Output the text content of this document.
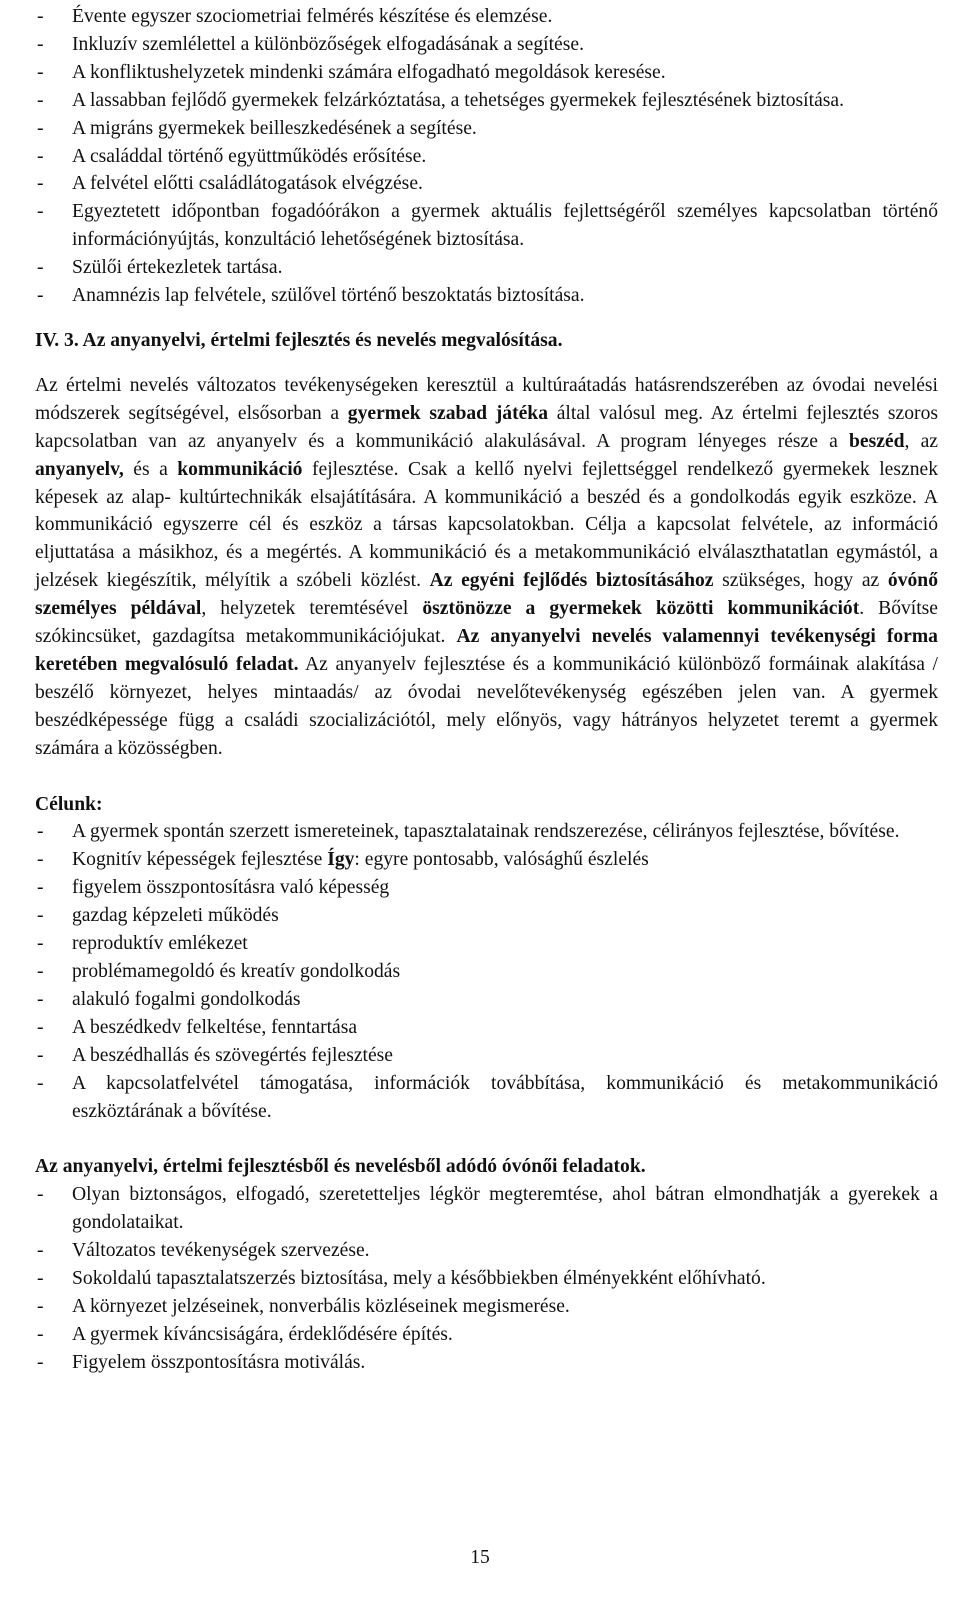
- Évente egyszer szociometriai felmérés készítése és elemzése.
- Inkluzív szemlélettel a különbözőségek elfogadásának a segítése.
- A konfliktushelyzetek mindenki számára elfogadható megoldások keresése.
- A lassabban fejlődő gyermekek felzárkóztatása, a tehetséges gyermekek fejlesztésének biztosítása.
- A migráns gyermekek beilleszkedésének a segítése.
- A családdal történő együttműködés erősítése.
- A felvétel előtti családlátogatások elvégzése.
- Egyeztetett időpontban fogadóórákon a gyermek aktuális fejlettségéről személyes kapcsolatban történő információnyújtás, konzultáció lehetőségének biztosítása.
- Szülői értekezletek tartása.
- Anamnézis lap felvétele, szülővel történő beszoktatás biztosítása.
IV. 3. Az anyanyelvi, értelmi fejlesztés és nevelés megvalósítása.

Az értelmi nevelés változatos tevékenységeken keresztül a kultúraátadás hatásrendszerében az óvodai nevelési módszerek segítségével, elsősorban a gyermek szabad játéka által valósul meg. Az értelmi fejlesztés szoros kapcsolatban van az anyanyelv és a kommunikáció alakulásával. A program lényeges része a beszéd, az anyanyelv, és a kommunikáció fejlesztése. Csak a kellő nyelvi fejlettséggel rendelkező gyermekek lesznek képesek az alap- kultúrtechnikák elsajátítására. A kommunikáció a beszéd és a gondolkodás egyik eszköze. A kommunikáció egyszerre cél és eszköz a társas kapcsolatokban. Célja a kapcsolat felvétele, az információ eljuttatása a másikhoz, és a megértés. A kommunikáció és a metakommunikáció elválaszthatatlan egymástól, a jelzések kiegészítik, mélyítik a szóbeli közlést. Az egyéni fejlődés biztosításához szükséges, hogy az óvónő személyes példával, helyzetek teremtésével ösztönözze a gyermekek közötti kommunikációt. Bővítse szókincsüket, gazdagítsa metakommunikációjukat. Az anyanyelvi nevelés valamennyi tevékenységi forma keretében megvalósuló feladat. Az anyanyelv fejlesztése és a kommunikáció különböző formáinak alakítása / beszélő környezet, helyes mintaadás/ az óvodai nevelőtevékenység egészében jelen van. A gyermek beszédképessége függ a családi szocializációtól, mely előnyös, vagy hátrányos helyzetet teremt a gyermek számára a közösségben.

Célunk:
- A gyermek spontán szerzett ismereteinek, tapasztalatainak rendszerezése, célirányos fejlesztése, bővítése.
- Kognitív képességek fejlesztése Így: egyre pontosabb, valósághű észlelés
- figyelem összpontosításra való képesség
- gazdag képzeleti működés
- reproduktív emlékezet
- problémamegoldó és kreatív gondolkodás
- alakuló fogalmi gondolkodás
- A beszédkedv felkeltése, fenntartása
- A beszédhallás és szövegértés fejlesztése
- A kapcsolatfelvétel támogatása, információk továbbítása, kommunikáció és metakommunikáció eszköztárának a bővítése.
Az anyanyelvi, értelmi fejlesztésből és nevelésből adódó óvónői feladatok.
- Olyan biztonságos, elfogadó, szeretetteljes légkör megteremtése, ahol bátran elmondhatják a gyerekek a gondolataikat.
- Változatos tevékenységek szervezése.
- Sokoldalú tapasztalatszerzés biztosítása, mely a későbbiekben élményekként előhívható.
- A környezet jelzéseinek, nonverbális közléseinek megismerése.
- A gyermek kíváncsiságára, érdeklődésére építés.
- Figyelem összpontosításra motiválás.
15
